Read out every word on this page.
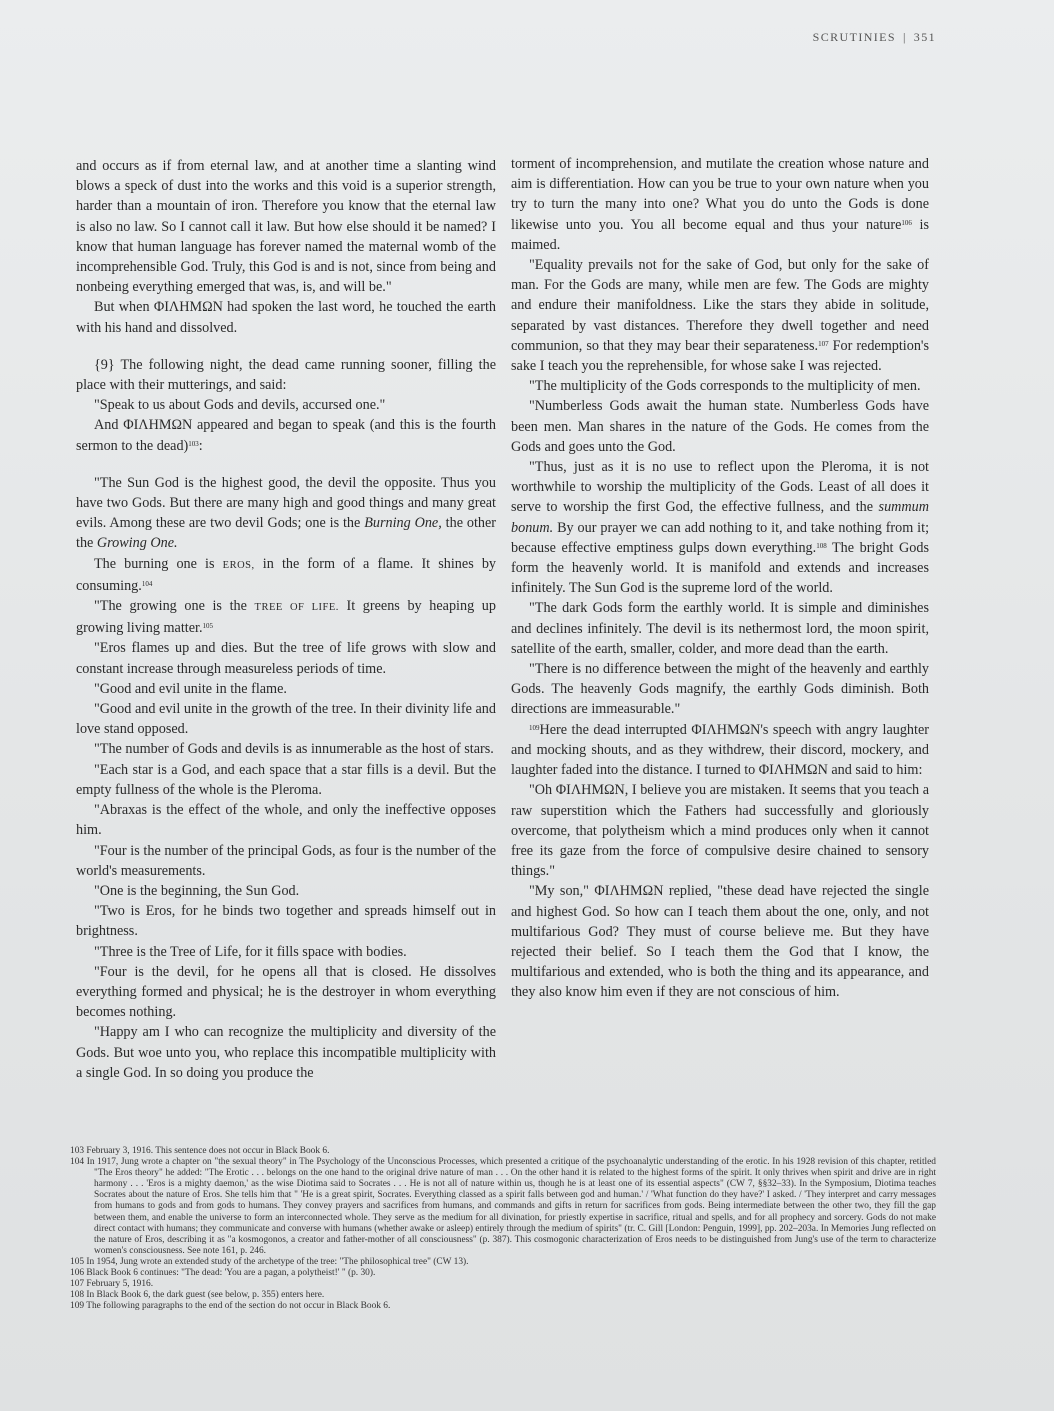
SCRUTINIES | 351

and occurs as if from eternal law, and at another time a slanting wind blows a speck of dust into the works and this void is a superior strength, harder than a mountain of iron. Therefore you know that the eternal law is also no law. So I cannot call it law. But how else should it be named? I know that human language has forever named the maternal womb of the incomprehensible God. Truly, this God is and is not, since from being and nonbeing everything emerged that was, is, and will be."

But when ΦΙΛΗΜΩΝ had spoken the last word, he touched the earth with his hand and dissolved.

{9} The following night, the dead came running sooner, filling the place with their mutterings, and said:

"Speak to us about Gods and devils, accursed one."

And ΦΙΛΗΜΩΝ appeared and began to speak (and this is the fourth sermon to the dead)$^{103}$:

"The Sun God is the highest good, the devil the opposite. Thus you have two Gods. But there are many high and good things and many great evils. Among these are two devil Gods; one is the Burning One, the other the Growing One.

The burning one is EROS, in the form of a flame. It shines by consuming.$^{104}$

"The growing one is the TREE OF LIFE. It greens by heaping up growing living matter.$^{105}$

"Eros flames up and dies. But the tree of life grows with slow and constant increase through measureless periods of time.

"Good and evil unite in the flame.

"Good and evil unite in the growth of the tree. In their divinity life and love stand opposed.

"The number of Gods and devils is as innumerable as the host of stars.

"Each star is a God, and each space that a star fills is a devil. But the empty fullness of the whole is the Pleroma.

"Abraxas is the effect of the whole, and only the ineffective opposes him.

"Four is the number of the principal Gods, as four is the number of the world's measurements.

"One is the beginning, the Sun God.

"Two is Eros, for he binds two together and spreads himself out in brightness.

"Three is the Tree of Life, for it fills space with bodies.

"Four is the devil, for he opens all that is closed. He dissolves everything formed and physical; he is the destroyer in whom everything becomes nothing.

"Happy am I who can recognize the multiplicity and diversity of the Gods. But woe unto you, who replace this incompatible multiplicity with a single God. In so doing you produce the

torment of incomprehension, and mutilate the creation whose nature and aim is differentiation. How can you be true to your own nature when you try to turn the many into one? What you do unto the Gods is done likewise unto you. You all become equal and thus your nature$^{106}$ is maimed.

"Equality prevails not for the sake of God, but only for the sake of man. For the Gods are many, while men are few. The Gods are mighty and endure their manifoldness. Like the stars they abide in solitude, separated by vast distances. Therefore they dwell together and need communion, so that they may bear their separateness.$^{107}$ For redemption's sake I teach you the reprehensible, for whose sake I was rejected.

"The multiplicity of the Gods corresponds to the multiplicity of men.

"Numberless Gods await the human state. Numberless Gods have been men. Man shares in the nature of the Gods. He comes from the Gods and goes unto the God.

"Thus, just as it is no use to reflect upon the Pleroma, it is not worthwhile to worship the multiplicity of the Gods. Least of all does it serve to worship the first God, the effective fullness, and the summum bonum. By our prayer we can add nothing to it, and take nothing from it; because effective emptiness gulps down everything.$^{108}$ The bright Gods form the heavenly world. It is manifold and extends and increases infinitely. The Sun God is the supreme lord of the world.

"The dark Gods form the earthly world. It is simple and diminishes and declines infinitely. The devil is its nethermost lord, the moon spirit, satellite of the earth, smaller, colder, and more dead than the earth.

"There is no difference between the might of the heavenly and earthly Gods. The heavenly Gods magnify, the earthly Gods diminish. Both directions are immeasurable."

$^{109}$Here the dead interrupted ΦΙΛΗΜΩΝ's speech with angry laughter and mocking shouts, and as they withdrew, their discord, mockery, and laughter faded into the distance. I turned to ΦΙΛΗΜΩΝ and said to him:

"Oh ΦΙΛΗΜΩΝ, I believe you are mistaken. It seems that you teach a raw superstition which the Fathers had successfully and gloriously overcome, that polytheism which a mind produces only when it cannot free its gaze from the force of compulsive desire chained to sensory things."

"My son," ΦΙΛΗΜΩΝ replied, "these dead have rejected the single and highest God. So how can I teach them about the one, only, and not multifarious God? They must of course believe me. But they have rejected their belief. So I teach them the God that I know, the multifarious and extended, who is both the thing and its appearance, and they also know him even if they are not conscious of him.

103 February 3, 1916. This sentence does not occur in Black Book 6.

104 In 1917, Jung wrote a chapter on "the sexual theory" in The Psychology of the Unconscious Processes, which presented a critique of the psychoanalytic understanding of the erotic. In his 1928 revision of this chapter, retitled "The Eros theory" he added: "The Erotic . . . belongs on the one hand to the original drive nature of man . . . On the other hand it is related to the highest forms of the spirit. It only thrives when spirit and drive are in right harmony . . . 'Eros is a mighty daemon,' as the wise Diotima said to Socrates . . . He is not all of nature within us, though he is at least one of its essential aspects" (CW 7, §§32–33). In the Symposium, Diotima teaches Socrates about the nature of Eros. She tells him that " 'He is a great spirit, Socrates. Everything classed as a spirit falls between god and human.' / 'What function do they have?' I asked. / 'They interpret and carry messages from humans to gods and from gods to humans. They convey prayers and sacrifices from humans, and commands and gifts in return for sacrifices from gods. Being intermediate between the other two, they fill the gap between them, and enable the universe to form an interconnected whole. They serve as the medium for all divination, for priestly expertise in sacrifice, ritual and spells, and for all prophecy and sorcery. Gods do not make direct contact with humans; they communicate and converse with humans (whether awake or asleep) entirely through the medium of spirits" (tr. C. Gill [London: Penguin, 1999], pp. 202–203a. In Memories Jung reflected on the nature of Eros, describing it as "a kosmogonos, a creator and father-mother of all consciousness" (p. 387). This cosmogonic characterization of Eros needs to be distinguished from Jung's use of the term to characterize women's consciousness. See note 161, p. 246.

105 In 1954, Jung wrote an extended study of the archetype of the tree: "The philosophical tree" (CW 13).

106 Black Book 6 continues: "The dead: 'You are a pagan, a polytheist!' " (p. 30).

107 February 5, 1916.

108 In Black Book 6, the dark guest (see below, p. 355) enters here.

109 The following paragraphs to the end of the section do not occur in Black Book 6.
